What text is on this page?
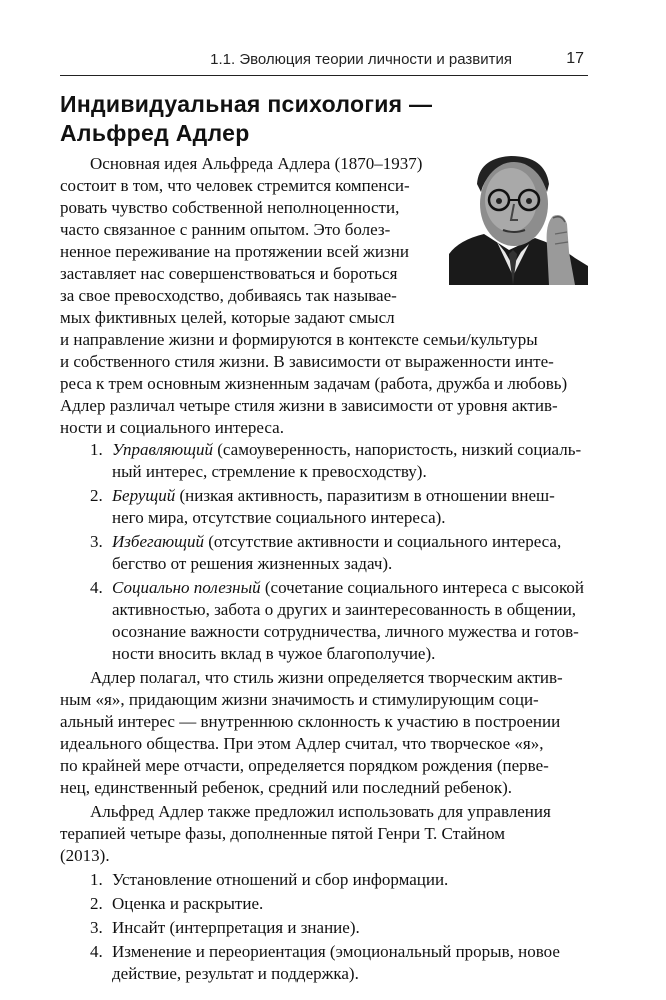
1.1. Эволюция теории личности и развития	17
Индивидуальная психология —
Альфред Адлер
Основная идея Альфреда Адлера (1870–1937)
состоит в том, что человек стремится компенси-
ровать чувство собственной неполноценности,
часто связанное с ранним опытом. Это болез-
ненное переживание на протяжении всей жизни
заставляет нас совершенствоваться и бороться
за свое превосходство, добиваясь так называе-
мых фиктивных целей, которые задают смысл
и направление жизни и формируются в контексте семьи/культуры
и собственного стиля жизни. В зависимости от выраженности инте-
реса к трем основным жизненным задачам (работа, дружба и любовь)
Адлер различал четыре стиля жизни в зависимости от уровня актив-
ности и социального интереса.
1. Управляющий (самоуверенность, напористость, низкий социаль-
ный интерес, стремление к превосходству).
2. Берущий (низкая активность, паразитизм в отношении внеш-
него мира, отсутствие социального интереса).
3. Избегающий (отсутствие активности и социального интереса,
бегство от решения жизненных задач).
4. Социально полезный (сочетание социального интереса с высокой
активностью, забота о других и заинтересованность в общении,
осознание важности сотрудничества, личного мужества и готов-
ности вносить вклад в чужое благополучие).
Адлер полагал, что стиль жизни определяется творческим актив-
ным «я», придающим жизни значимость и стимулирующим соци-
альный интерес — внутреннюю склонность к участию в построении
идеального общества. При этом Адлер считал, что творческое «я»,
по крайней мере отчасти, определяется порядком рождения (перве-
нец, единственный ребенок, средний или последний ребенок).
Альфред Адлер также предложил использовать для управления
терапией четыре фазы, дополненные пятой Генри Т. Стайном
(2013).
1. Установление отношений и сбор информации.
2. Оценка и раскрытие.
3. Инсайт (интерпретация и знание).
4. Изменение и переориентация (эмоциональный прорыв, новое
действие, результат и поддержка).
